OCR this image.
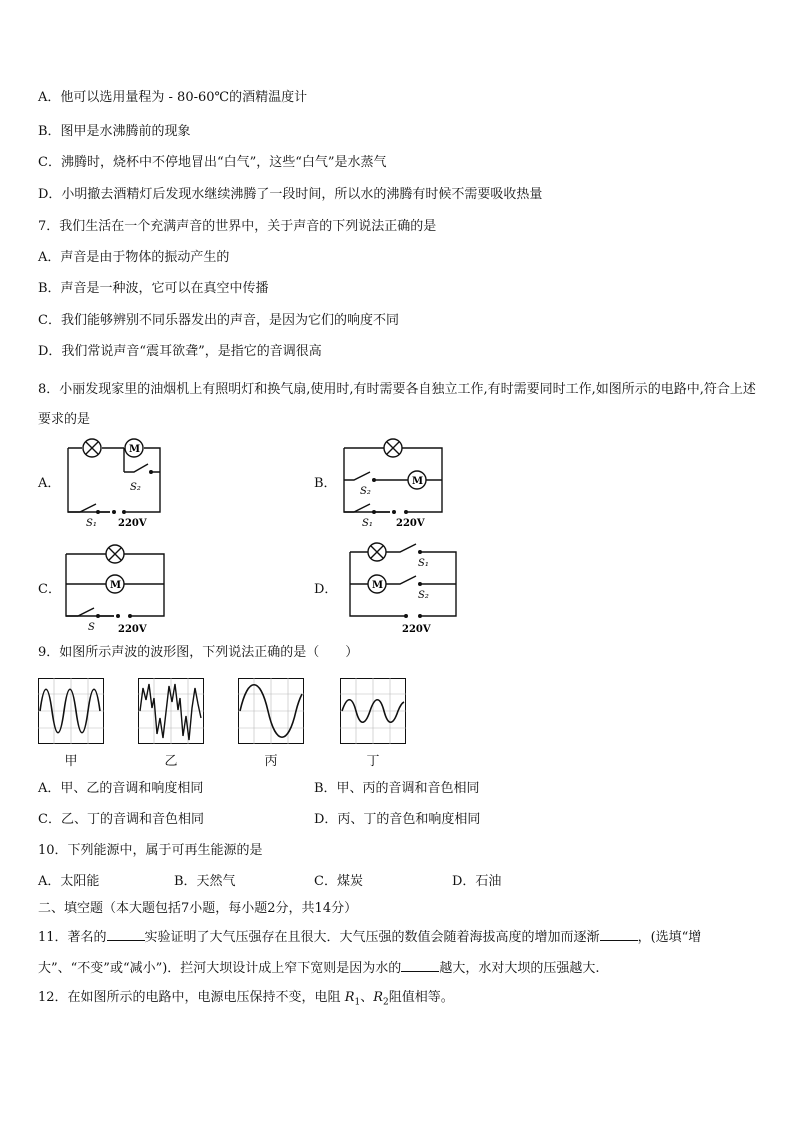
A．他可以选用量程为 - 80-60℃的酒精温度计
B．图甲是水沸腾前的现象
C．沸腾时，烧杯中不停地冒出“白气”，这些“白气”是水蒸气
D．小明撤去酒精灯后发现水继续沸腾了一段时间，所以水的沸腾有时候不需要吸收热量
7．我们生活在一个充满声音的世界中，关于声音的下列说法正确的是
A．声音是由于物体的振动产生的
B．声音是一种波，它可以在真空中传播
C．我们能够辨别不同乐器发出的声音，是因为它们的响度不同
D．我们常说声音“震耳欲聋”，是指它的音调很高
8．小丽发现家里的油烟机上有照明灯和换气扇,使用时,有时需要各自独立工作,有时需要同时工作,如图所示的电路中,符合上述要求的是
A．
M
S₂
S₁ 220V
B．	M
S₂
S₁ 220V
C．	M
S 220V
D．	M
S₁
S₂
220V
9．如图所示声波的波形图，下列说法正确的是（　　）
甲	乙	丙	丁
A．甲、乙的音调和响度相同	B．甲、丙的音调和音色相同
C．乙、丁的音调和音色相同	D．丙、丁的音色和响度相同
10．下列能源中，属于可再生能源的是
A．太阳能	B．天然气	C．煤炭	D．石油
二、填空题（本大题包括7小题，每小题2分，共14分）
11．著名的	实验证明了大气压强存在且很大．大气压强的数值会随着海拔高度的增加而逐渐	，(选填“增
大”、“不变”或“减小”)．拦河大坝设计成上窄下宽则是因为水的	越大，水对大坝的压强越大.
12．在如图所示的电路中，电源电压保持不变，电阻 $R_1$、$R_2$阻值相等。
